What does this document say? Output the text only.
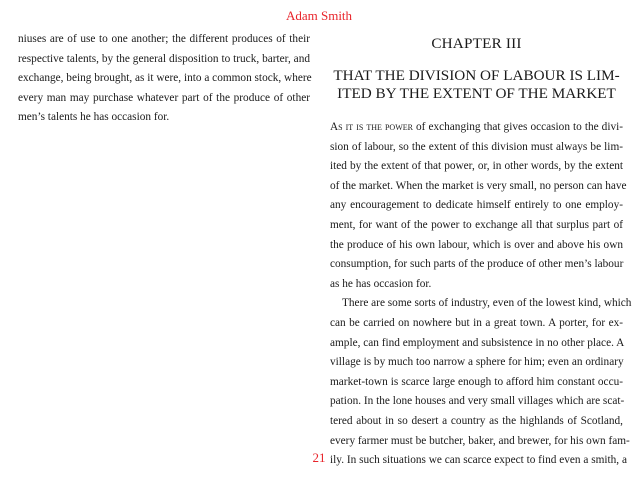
Adam Smith
niuses are of use to one another; the different produces of their
respective talents, by the general disposition to truck, barter, and
exchange, being brought, as it were, into a common stock, where
every man may purchase whatever part of the produce of other
men’s talents he has occasion for.
CHAPTER III
THAT THE DIVISION OF LABOUR IS LIM-
ITED BY THE EXTENT OF THE MARKET
As it is the power of exchanging that gives occasion to the divi-
sion of labour, so the extent of this division must always be lim-
ited by the extent of that power, or, in other words, by the extent
of the market. When the market is very small, no person can have
any encouragement to dedicate himself entirely to one employ-
ment, for want of the power to exchange all that surplus part of
the produce of his own labour, which is over and above his own
consumption, for such parts of the produce of other men’s labour
as he has occasion for.
There are some sorts of industry, even of the lowest kind, which
can be carried on nowhere but in a great town. A porter, for ex-
ample, can find employment and subsistence in no other place. A
village is by much too narrow a sphere for him; even an ordinary
market-town is scarce large enough to afford him constant occu-
pation. In the lone houses and very small villages which are scat-
tered about in so desert a country as the highlands of Scotland,
every farmer must be butcher, baker, and brewer, for his own fam-
ily. In such situations we can scarce expect to find even a smith, a
21
